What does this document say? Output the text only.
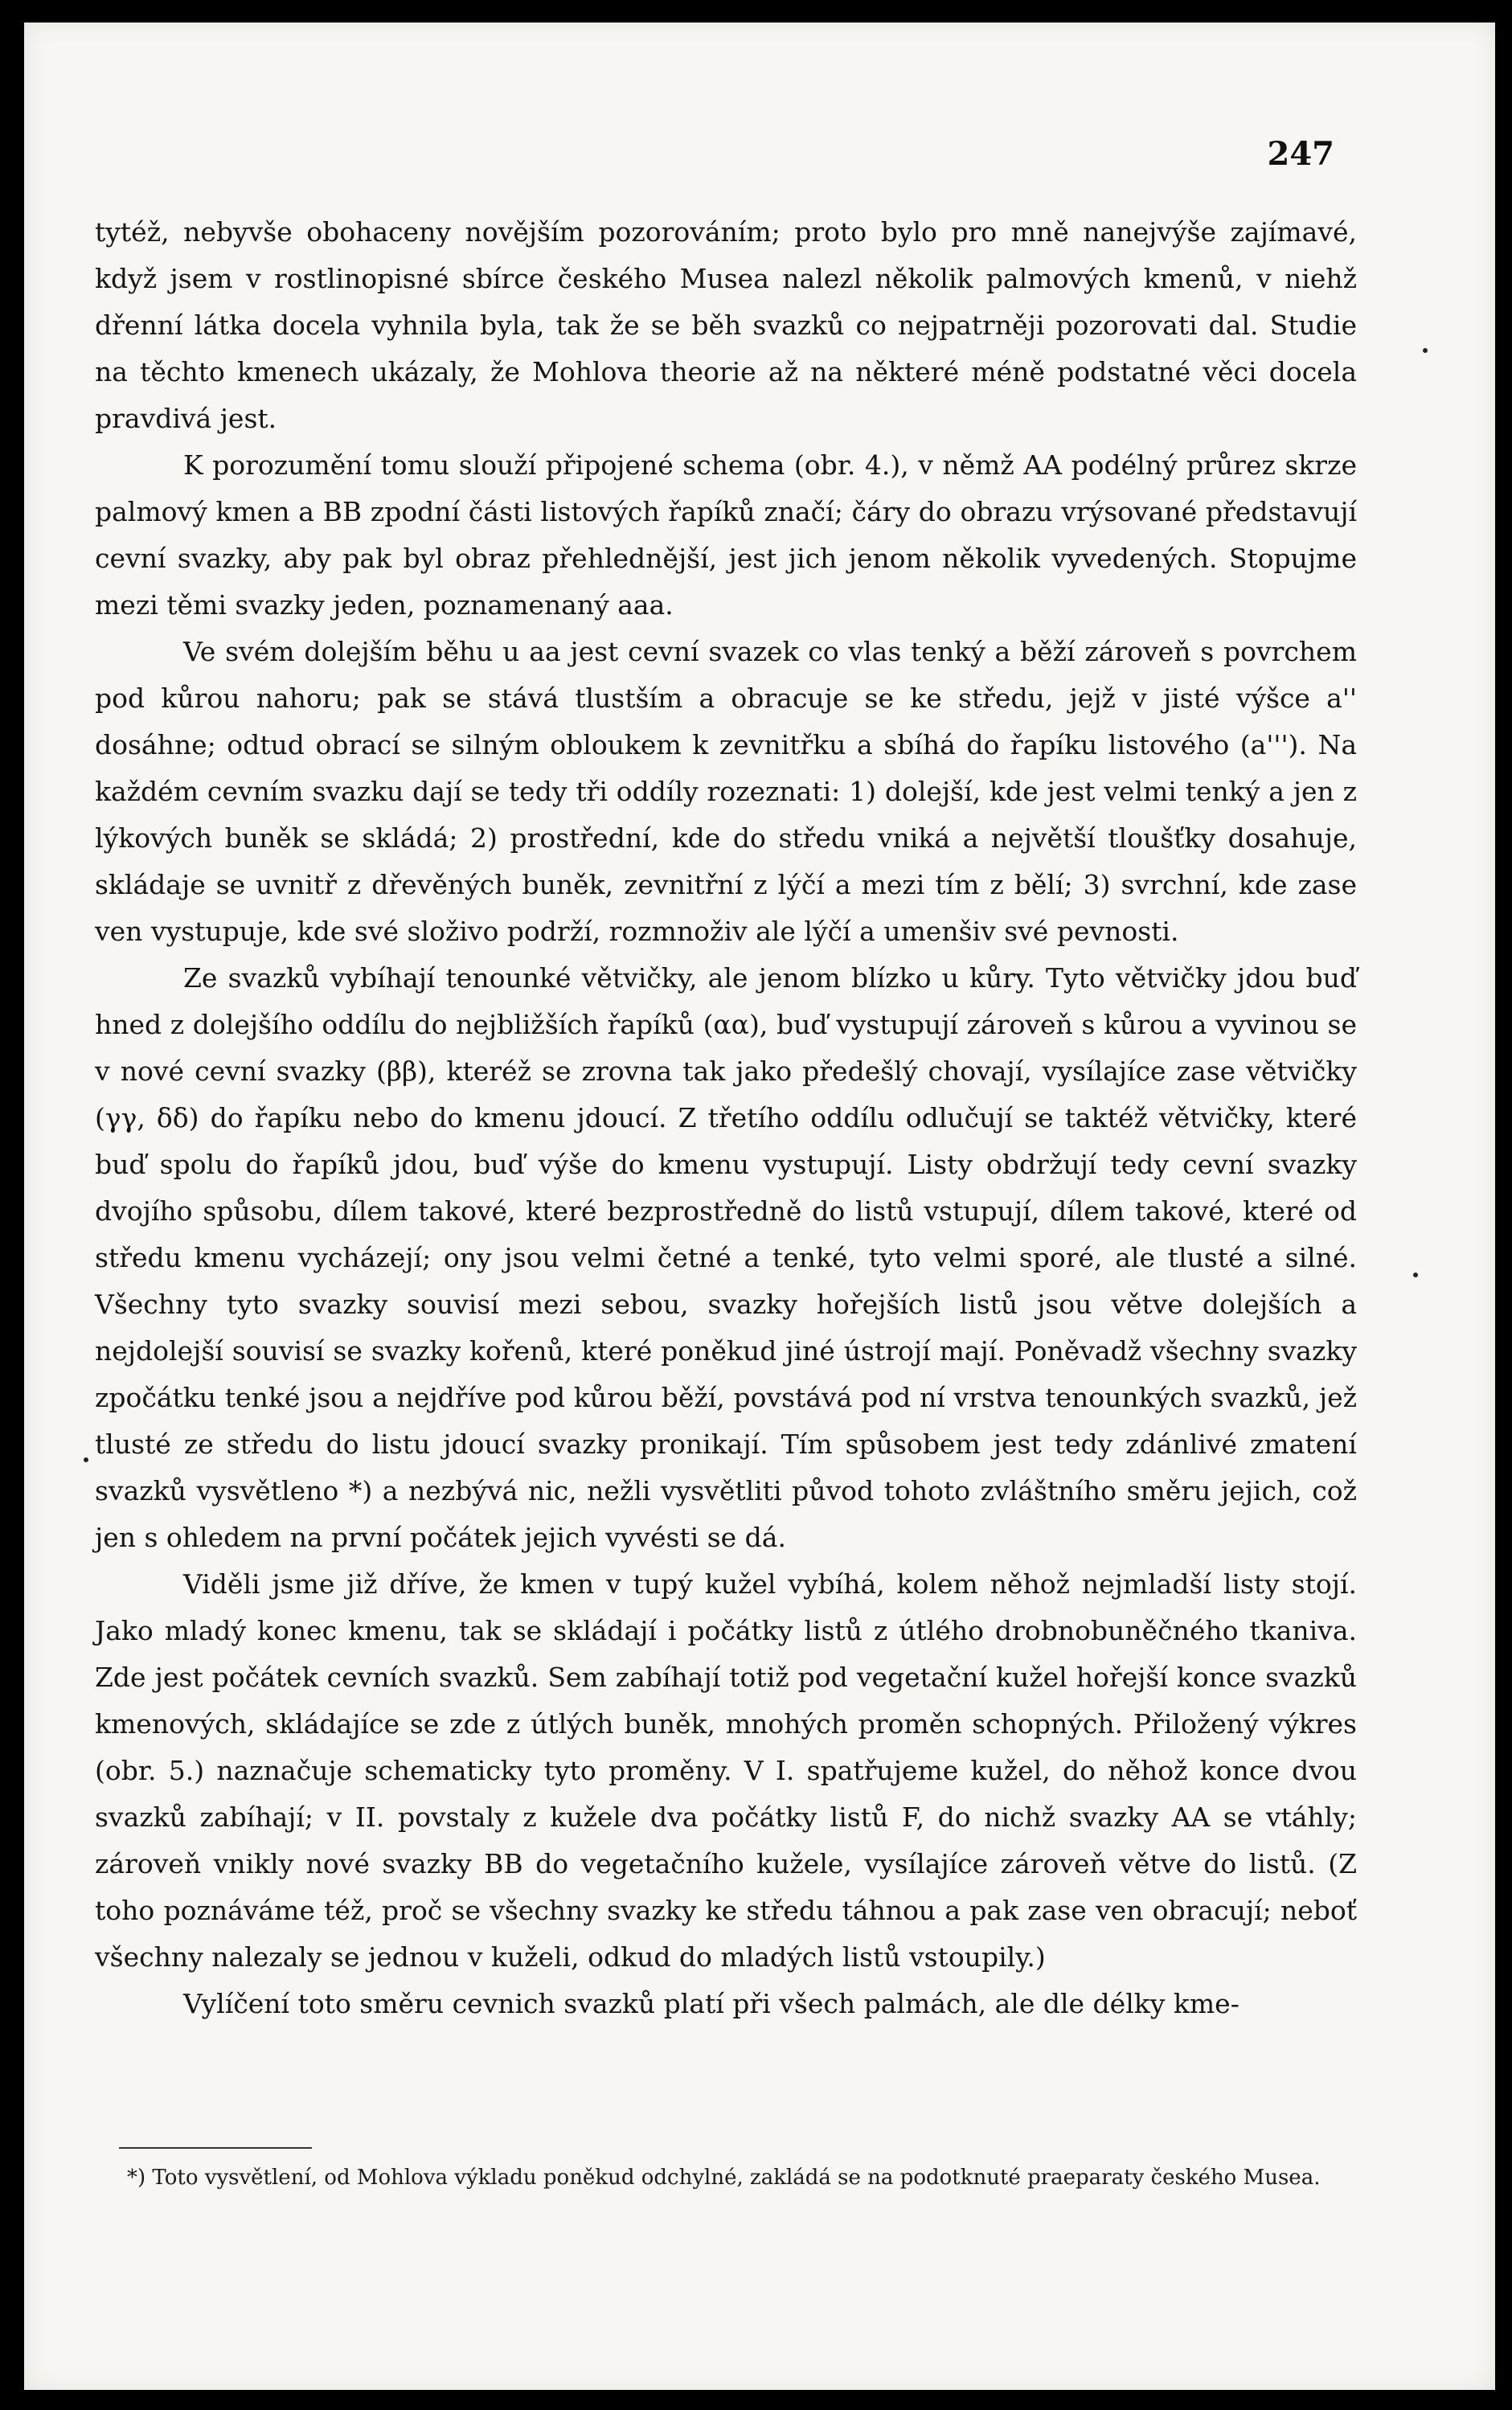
247

tytéž, nebyvše obohaceny novějším pozorováním; proto bylo pro mně nanejvýše zajímavé, když jsem v rostlinopisné sbírce českého Musea nalezl několik palmových kmenů, v niehž dřenní látka docela vyhnila byla, tak že se běh svazků co nejpatrněji pozorovati dal. Studie na těchto kmenech ukázaly, že Mohlova theorie až na některé méně podstatné věci docela pravdivá jest.

K porozumění tomu slouží připojené schema (obr. 4.), v němž AA podélný průrez skrze palmový kmen a BB zpodní části listových řapíků značí; čáry do obrazu vrýsované představují cevní svazky, aby pak byl obraz přehlednější, jest jich jenom několik vyvedených. Stopujme mezi těmi svazky jeden, poznamenaný aaa.

Ve svém dolejším běhu u aa jest cevní svazek co vlas tenký a běží zároveň s povrchem pod kůrou nahoru; pak se stává tlustším a obracuje se ke středu, jejž v jisté výšce a'' dosáhne; odtud obrací se silným obloukem k zevnitřku a sbíhá do řapíku listového (a'''). Na každém cevním svazku dají se tedy tři oddíly rozeznati: 1) dolejší, kde jest velmi tenký a jen z lýkových buněk se skládá; 2) prostřední, kde do středu vniká a největší tloušťky dosahuje, skládaje se uvnitř z dřevěných buněk, zevnitřní z lýčí a mezi tím z bělí; 3) svrchní, kde zase ven vystupuje, kde své složivo podrží, rozmnoživ ale lýčí a umenšiv své pevnosti.

Ze svazků vybíhají tenounké větvičky, ale jenom blízko u kůry. Tyto větvičky jdou buď hned z dolejšího oddílu do nejbližších řapíků (αα), buď vystupují zároveň s kůrou a vyvinou se v nové cevní svazky (ββ), kteréž se zrovna tak jako předešlý chovají, vysílajíce zase větvičky (γγ, δδ) do řapíku nebo do kmenu jdoucí. Z třetího oddílu odlučují se taktéž větvičky, které buď spolu do řapíků jdou, buď výše do kmenu vystupují. Listy obdržují tedy cevní svazky dvojího spůsobu, dílem takové, které bezprostředně do listů vstupují, dílem takové, které od středu kmenu vycházejí; ony jsou velmi četné a tenké, tyto velmi sporé, ale tlusté a silné. Všechny tyto svazky souvisí mezi sebou, svazky hořejších listů jsou větve dolejších a nejdolejší souvisí se svazky kořenů, které poněkud jiné ústrojí mají. Poněvadž všechny svazky zpočátku tenké jsou a nejdříve pod kůrou běží, povstává pod ní vrstva tenounkých svazků, jež tlusté ze středu do listu jdoucí svazky pronikají. Tím spůsobem jest tedy zdánlivé zmatení svazků vysvětleno *) a nezbývá nic, nežli vysvětliti původ tohoto zvláštního směru jejich, což jen s ohledem na první počátek jejich vyvésti se dá.

Viděli jsme již dříve, že kmen v tupý kužel vybíhá, kolem něhož nejmladší listy stojí. Jako mladý konec kmenu, tak se skládají i počátky listů z útlého drobnobuněčného tkaniva. Zde jest počátek cevních svazků. Sem zabíhají totiž pod vegetační kužel hořejší konce svazků kmenových, skládajíce se zde z útlých buněk, mnohých proměn schopných. Přiložený výkres (obr. 5.) naznačuje schematicky tyto proměny. V I. spatřujeme kužel, do něhož konce dvou svazků zabíhají; v II. povstaly z kužele dva počátky listů F, do nichž svazky AA se vtáhly; zároveň vnikly nové svazky BB do vegetačního kužele, vysílajíce zároveň větve do listů. (Z toho poznáváme též, proč se všechny svazky ke středu táhnou a pak zase ven obracují; neboť všechny nalezaly se jednou v kuželi, odkud do mladých listů vstoupily.)

Vylíčení toto směru cevnich svazků platí při všech palmách, ale dle délky kme-

*) Toto vysvětlení, od Mohlova výkladu poněkud odchylné, zakládá se na podotknuté praeparaty českého Musea.
